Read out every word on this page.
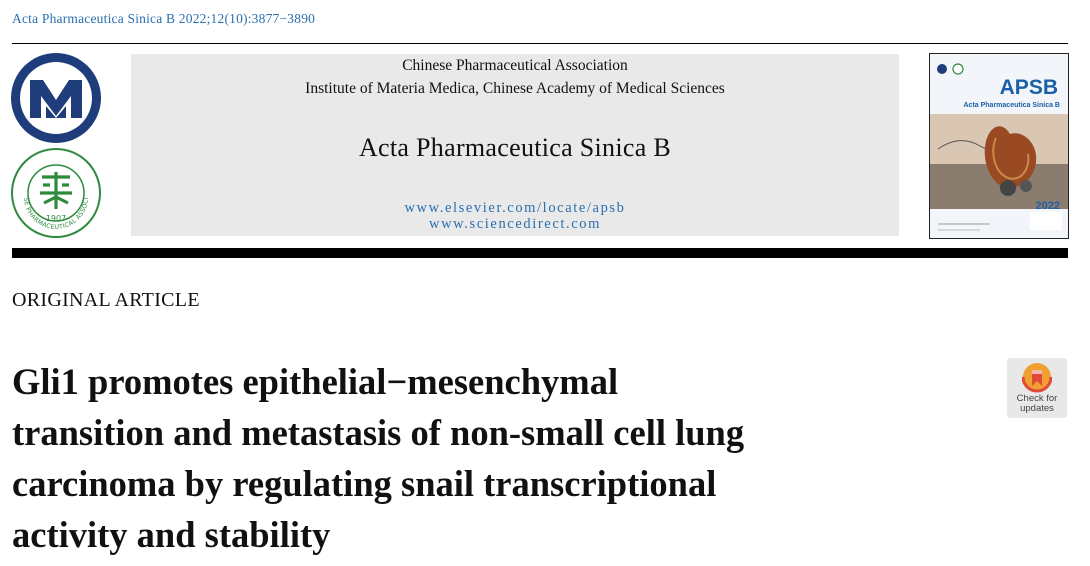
Acta Pharmaceutica Sinica B 2022;12(10):3877−3890
SE PHARMACEUTICAL ASSOCI
1907
Chinese Pharmaceutical Association
Institute of Materia Medica, Chinese Academy of Medical Sciences
Acta Pharmaceutica Sinica B
www.elsevier.com/locate/apsb
www.sciencedirect.com
APSB
Acta Pharmaceutica Sinica B
2022
ORIGINAL ARTICLE
Gli1 promotes epithelial−mesenchymal
transition and metastasis of non-small cell lung
carcinoma by regulating snail transcriptional
activity and stability
Check for
updates
